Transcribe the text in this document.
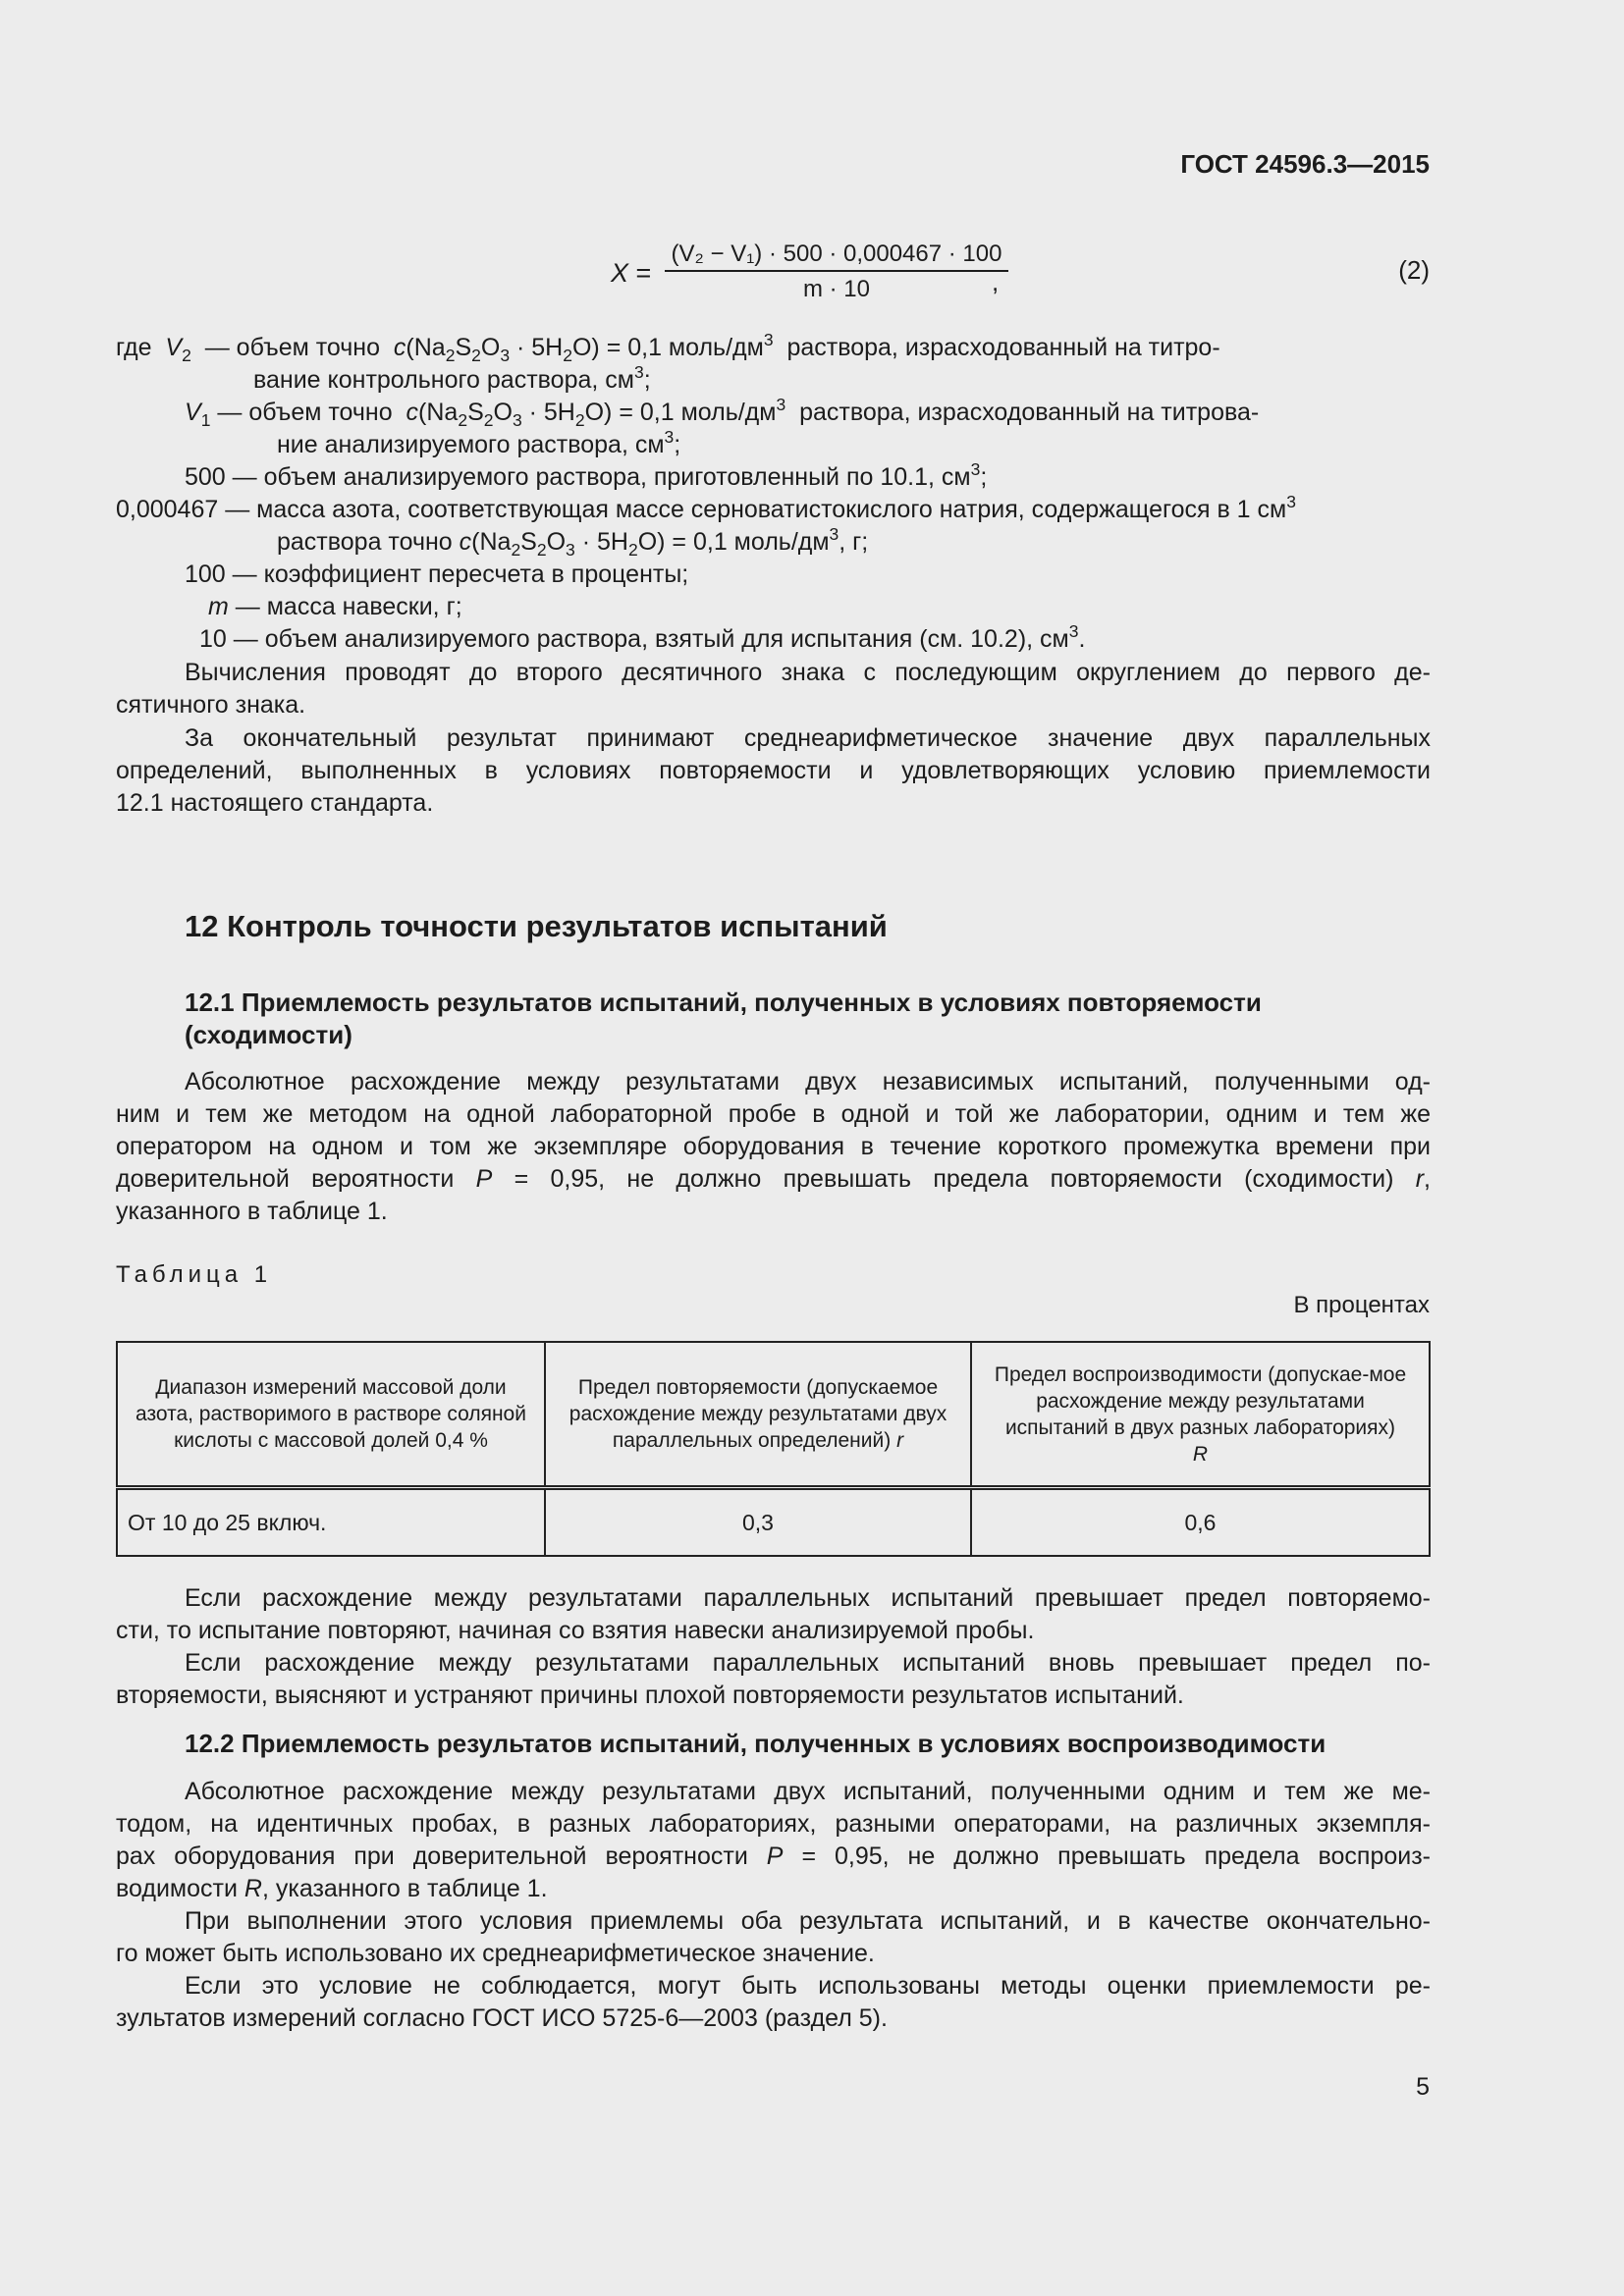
ГОСТ 24596.3—2015
X =
(V₂ − V₁) · 500 · 0,000467 · 100
m · 10	,	(2)
где $V_2$ — объем точно $c(Na_2S_2O_3 \cdot 5H_2O) = 0,1$ моль/$дм^3$ раствора, израсходованный на титро-
вание контрольного раствора, $см^3$;
$V_1$ — объем точно $c(Na_2S_2O_3 \cdot 5H_2O) = 0,1$ моль/$дм^3$ раствора, израсходованный на титрова-
ние анализируемого раствора, $см^3$;
500 — объем анализируемого раствора, приготовленный по 10.1, $см^3$;
0,000467 — масса азота, соответствующая массе серноватистокислого натрия, содержащегося в 1 $см^3$
раствора точно $c(Na_2S_2O_3 \cdot 5H_2O) = 0,1$ моль/$дм^3$, г;
100 — коэффициент пересчета в проценты;
m — масса навески, г;
10 — объем анализируемого раствора, взятый для испытания (см. 10.2), $см^3$.
Вычисления проводят до второго десятичного знака с последующим округлением до первого де-
сятичного знака.
За окончательный результат принимают среднеарифметическое значение двух параллельных
определений, выполненных в условиях повторяемости и удовлетворяющих условию приемлемости
12.1 настоящего стандарта.
12 Контроль точности результатов испытаний
12.1 Приемлемость результатов испытаний, полученных в условиях повторяемости
(сходимости)
Абсолютное расхождение между результатами двух независимых испытаний, полученными од-
ним и тем же методом на одной лабораторной пробе в одной и той же лаборатории, одним и тем же
оператором на одном и том же экземпляре оборудования в течение короткого промежутка времени при
доверительной вероятности P = 0,95, не должно превышать предела повторяемости (сходимости) r,
указанного в таблице 1.
Таблица 1
В процентах
Диапазон измерений массовой доли азота, растворимого в растворе соляной кислоты с массовой долей 0,4 %	Предел повторяемости (допускаемое расхождение между результатами двух параллельных определений) r	Предел воспроизводимости (допускае-мое расхождение между результатами испытаний в двух разных лабораториях)
R
От 10 до 25 включ.	0,3	0,6
Если расхождение между результатами параллельных испытаний превышает предел повторяемо-
сти, то испытание повторяют, начиная со взятия навески анализируемой пробы.
Если расхождение между результатами параллельных испытаний вновь превышает предел по-
вторяемости, выясняют и устраняют причины плохой повторяемости результатов испытаний.
12.2 Приемлемость результатов испытаний, полученных в условиях воспроизводимости
Абсолютное расхождение между результатами двух испытаний, полученными одним и тем же ме-
тодом, на идентичных пробах, в разных лабораториях, разными операторами, на различных экземпля-
рах оборудования при доверительной вероятности P = 0,95, не должно превышать предела воспроиз-
водимости R, указанного в таблице 1.
При выполнении этого условия приемлемы оба результата испытаний, и в качестве окончательно-
го может быть использовано их среднеарифметическое значение.
Если это условие не соблюдается, могут быть использованы методы оценки приемлемости ре-
зультатов измерений согласно ГОСТ ИСО 5725-6—2003 (раздел 5).
5
